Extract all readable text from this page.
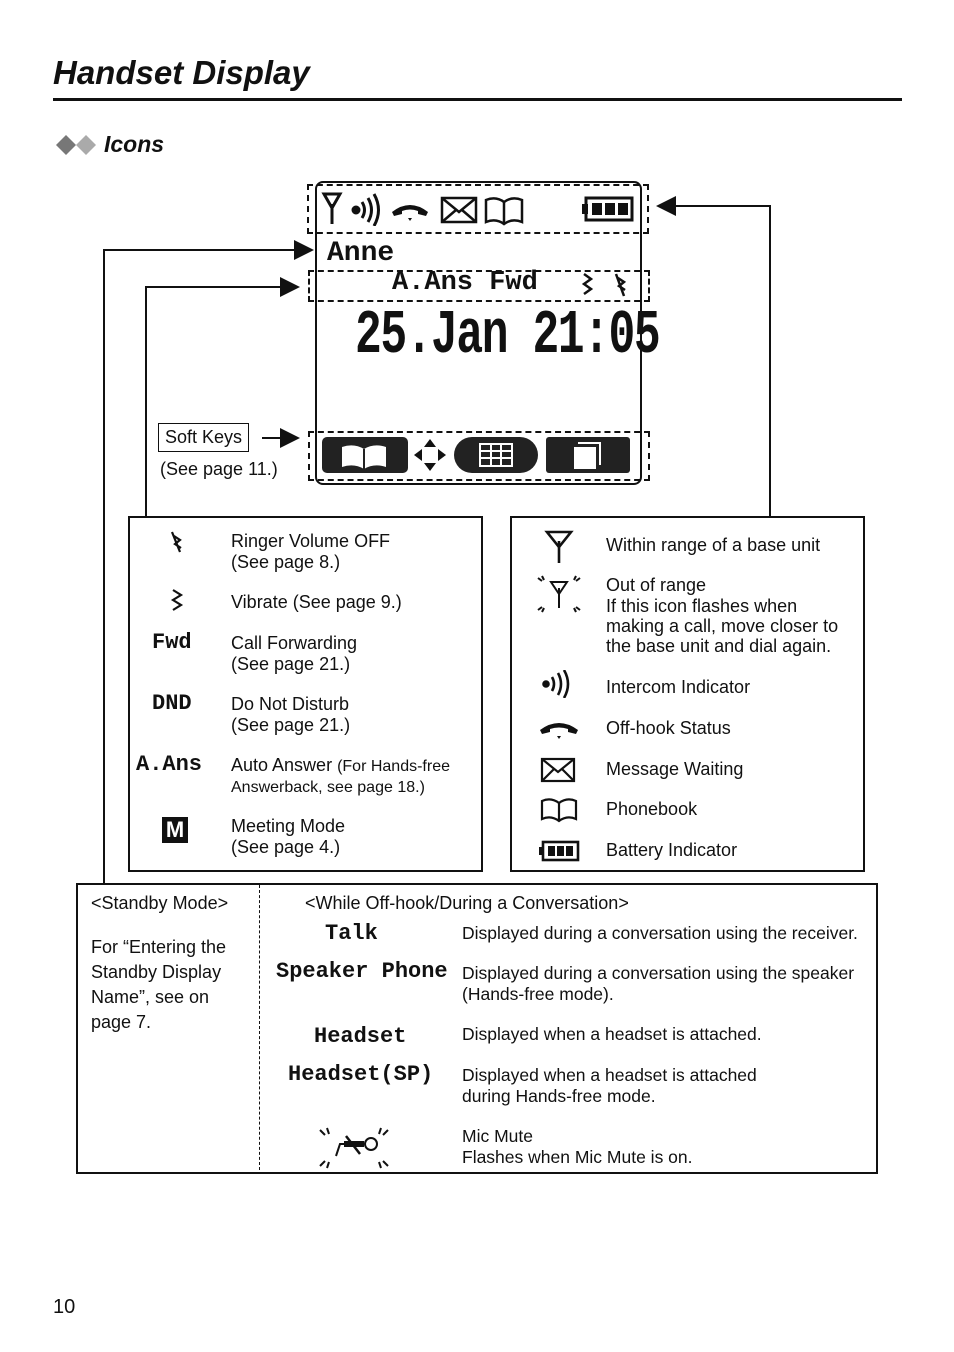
Handset Display
Icons
Anne
A.Ans Fwd
25.Jan 21:05
Soft Keys
(See page 11.)
Ringer Volume OFF
(See page 8.)
Vibrate (See page 9.)
Fwd Call Forwarding
(See page 21.)
DND Do Not Disturb
(See page 21.)
A.Ans Auto Answer (For Hands-free
Answerback, see page 18.)
M	Meeting Mode
(See page 4.)
Within range of a base unit
Out of range
If this icon flashes when
making a call, move closer to
the base unit and dial again.
Intercom Indicator
Off-hook Status
Message Waiting
Phonebook
Battery Indicator
<Standby Mode>
For “Entering the
Standby Display
Name”, see on
page 7.
<While Off-hook/During a Conversation>
Talk	Displayed during a conversation using the receiver.
Speaker Phone Displayed during a conversation using the speaker
(Hands-free mode).
Headset	Displayed when a headset is attached.
Headset(SP) Displayed when a headset is attached
during Hands-free mode.
Mic Mute
Flashes when Mic Mute is on.
10
